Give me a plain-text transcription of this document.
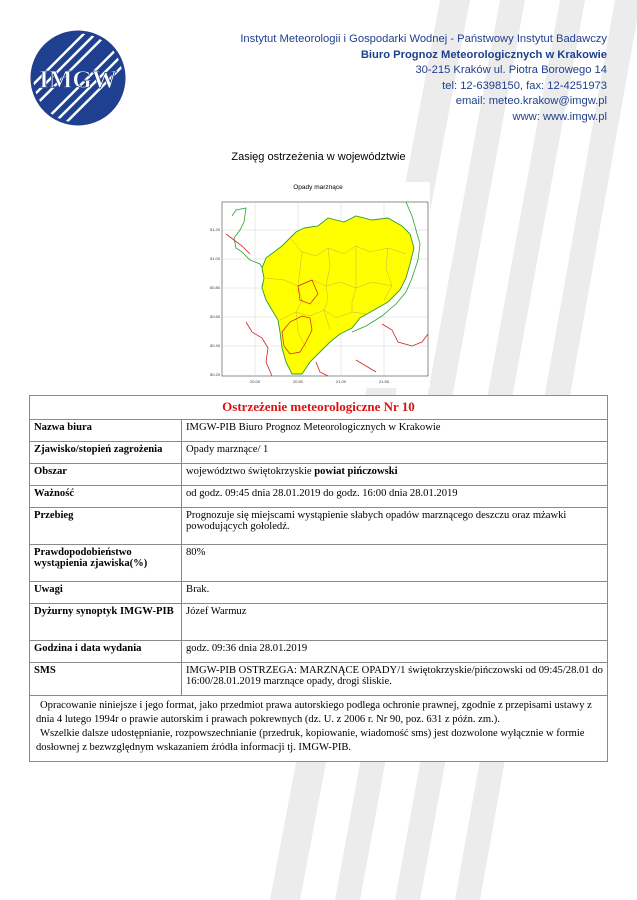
IMGW
Instytut Meteorologii i Gospodarki Wodnej - Państwowy Instytut Badawczy
Biuro Prognoz Meteorologicznych w Krakowie
30-215 Kraków ul. Piotra Borowego 14
tel: 12-6398150, fax: 12-4251973
email: meteo.krakow@imgw.pl
www: www.imgw.pl
Zasięg ostrzeżenia w województwie
Opady marznące
51.20
51.00
50.80
50.60
50.40
50.20
20.00	20.50	21.00	21.50
Ostrzeżenie meteorologiczne Nr 10	
Nazwa biura	IMGW-PIB Biuro Prognoz Meteorologicznych w Krakowie
Zjawisko/stopień zagrożenia	Opady marznące/ 1
Obszar	województwo świętokrzyskie powiat pińczowski
Ważność	od godz. 09:45 dnia 28.01.2019 do godz. 16:00 dnia 28.01.2019
Przebieg	Prognozuje się miejscami wystąpienie słabych opadów marznącego deszczu oraz mżawki powodujących gołoledź.
Prawdopodobieństwo wystąpienia zjawiska(%)	80%
Uwagi	Brak.
Dyżurny synoptyk IMGW-PIB	Józef Warmuz
Godzina i data wydania	godz. 09:36 dnia 28.01.2019
SMS	IMGW-PIB OSTRZEGA: MARZNĄCE OPADY/1 świętokrzyskie/pińczowski od 09:45/28.01 do 16:00/28.01.2019 marznące opady, drogi śliskie.

Opracowanie niniejsze i jego format, jako przedmiot prawa autorskiego podlega ochronie prawnej, zgodnie z przepisami ustawy z dnia 4 lutego 1994r o prawie autorskim i prawach pokrewnych (dz. U. z 2006 r. Nr 90, poz. 631 z późn. zm.).
Wszelkie dalsze udostępnianie, rozpowszechnianie (przedruk, kopiowanie, wiadomość sms) jest dozwolone wyłącznie w formie dosłownej z bezwzględnym wskazaniem źródła informacji tj. IMGW-PIB.	
